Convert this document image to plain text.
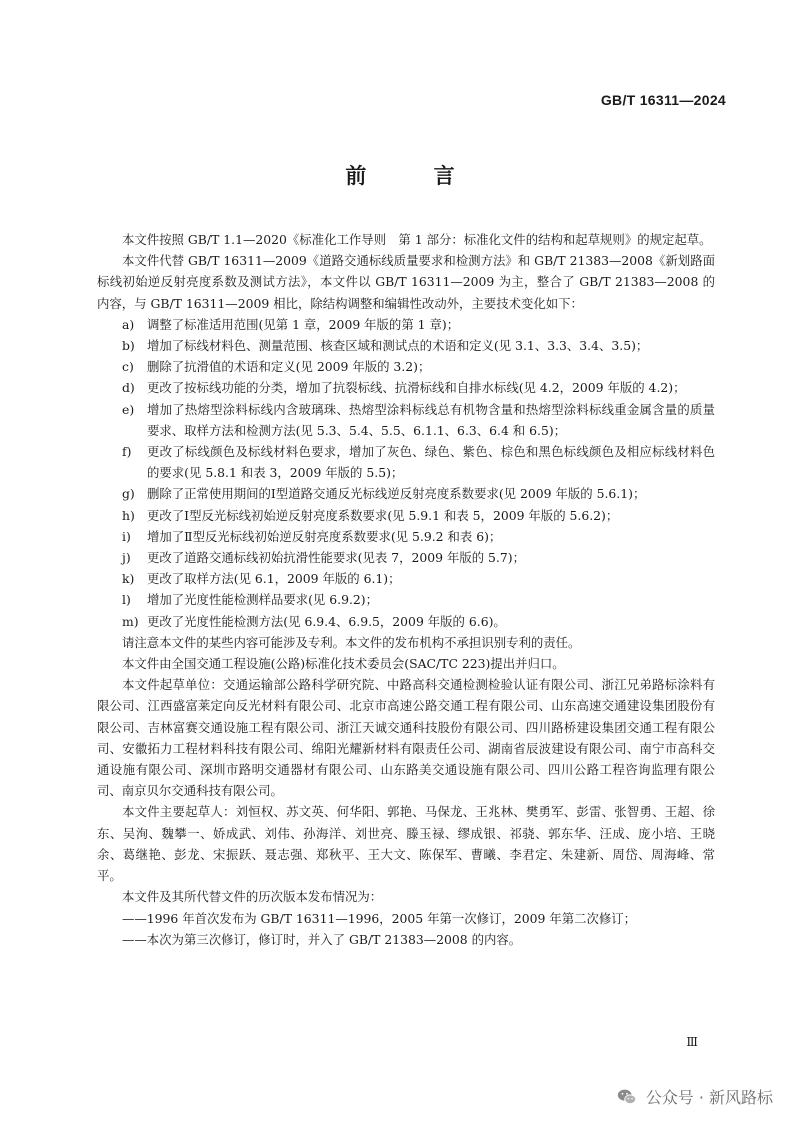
GB/T 16311—2024
前 言

本文件按照 GB/T 1.1—2020《标准化工作导则　第 1 部分：标准化文件的结构和起草规则》的规定起草。

本文件代替 GB/T 16311—2009《道路交通标线质量要求和检测方法》和 GB/T 21383—2008《新划路面标线初始逆反射亮度系数及测试方法》，本文件以 GB/T 16311—2009 为主，整合了 GB/T 21383—2008 的内容，与 GB/T 16311—2009 相比，除结构调整和编辑性改动外，主要技术变化如下：

a)	调整了标准适用范围(见第 1 章，2009 年版的第 1 章)；
b) 增加了标线材料色、测量范围、核查区域和测试点的术语和定义(见 3.1、3.3、3.4、3.5)；
c)	删除了抗滑值的术语和定义(见 2009 年版的 3.2)；
d) 更改了按标线功能的分类，增加了抗裂标线、抗滑标线和自排水标线(见 4.2，2009 年版的 4.2)；
e)	增加了热熔型涂料标线内含玻璃珠、热熔型涂料标线总有机物含量和热熔型涂料标线重金属含量的质量要求、取样方法和检测方法(见 5.3、5.4、5.5、6.1.1、6.3、6.4 和 6.5)；
f)	更改了标线颜色及标线材料色要求，增加了灰色、绿色、紫色、棕色和黑色标线颜色及相应标线材料色的要求(见 5.8.1 和表 3，2009 年版的 5.5)；
g) 删除了正常使用期间的Ⅰ型道路交通反光标线逆反射亮度系数要求(见 2009 年版的 5.6.1)；
h) 更改了Ⅰ型反光标线初始逆反射亮度系数要求(见 5.9.1 和表 5，2009 年版的 5.6.2)；
i)	增加了Ⅱ型反光标线初始逆反射亮度系数要求(见 5.9.2 和表 6)；
j)	更改了道路交通标线初始抗滑性能要求(见表 7，2009 年版的 5.7)；
k)	更改了取样方法(见 6.1，2009 年版的 6.1)；
l)	增加了光度性能检测样品要求(见 6.9.2)；
m) 更改了光度性能检测方法(见 6.9.4、6.9.5，2009 年版的 6.6)。

请注意本文件的某些内容可能涉及专利。本文件的发布机构不承担识别专利的责任。

本文件由全国交通工程设施(公路)标准化技术委员会(SAC/TC 223)提出并归口。

本文件起草单位：交通运输部公路科学研究院、中路高科交通检测检验认证有限公司、浙江兄弟路标涂料有限公司、江西盛富莱定向反光材料有限公司、北京市高速公路交通工程有限公司、山东高速交通建设集团股份有限公司、吉林富赛交通设施工程有限公司、浙江天诚交通科技股份有限公司、四川路桥建设集团交通工程有限公司、安徽拓力工程材料科技有限公司、绵阳光耀新材料有限责任公司、湖南省辰波建设有限公司、南宁市高科交通设施有限公司、深圳市路明交通器材有限公司、山东路美交通设施有限公司、四川公路工程咨询监理有限公司、南京贝尔交通科技有限公司。

本文件主要起草人：刘恒权、苏文英、何华阳、郭艳、马保龙、王兆林、樊勇军、彭雷、张智勇、王超、徐东、吴洵、魏攀一、娇成武、刘伟、孙海洋、刘世亮、滕玉禄、缪成银、祁骁、郭东华、汪成、庞小培、王晓余、葛继艳、彭龙、宋振跃、聂志强、郑秋平、王大文、陈保军、曹曦、李君定、朱建新、周岱、周海峰、常平。

本文件及其所代替文件的历次版本发布情况为：

——1996 年首次发布为 GB/T 16311—1996，2005 年第一次修订，2009 年第二次修订；

——本次为第三次修订，修订时，并入了 GB/T 21383—2008 的内容。

Ⅲ
公众号 · 新风路标
